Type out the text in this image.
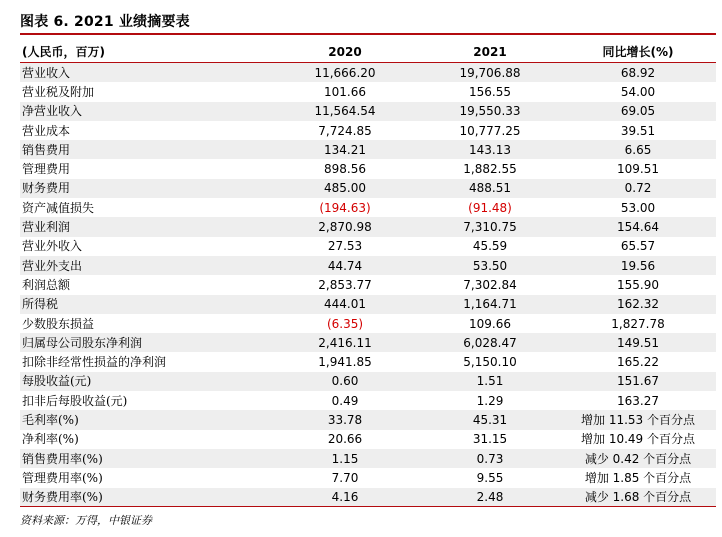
图表 6. 2021 业绩摘要表
(人民币，百万)	2020	2021	同比增长(%)
营业收入	11,666.20	19,706.88	68.92
营业税及附加	101.66	156.55	54.00
净营业收入	11,564.54	19,550.33	69.05
营业成本	7,724.85	10,777.25	39.51
销售费用	134.21	143.13	6.65
管理费用	898.56	1,882.55	109.51
财务费用	485.00	488.51	0.72
资产减值损失	(194.63)	(91.48)	53.00
营业利润	2,870.98	7,310.75	154.64
营业外收入	27.53	45.59	65.57
营业外支出	44.74	53.50	19.56
利润总额	2,853.77	7,302.84	155.90
所得税	444.01	1,164.71	162.32
少数股东损益	(6.35)	109.66	1,827.78
归属母公司股东净利润	2,416.11	6,028.47	149.51
扣除非经常性损益的净利润	1,941.85	5,150.10	165.22
每股收益(元)	0.60	1.51	151.67
扣非后每股收益(元)	0.49	1.29	163.27
毛利率(%)	33.78	45.31	增加 11.53 个百分点
净利率(%)	20.66	31.15	增加 10.49 个百分点
销售费用率(%)	1.15	0.73	减少 0.42 个百分点
管理费用率(%)	7.70	9.55	增加 1.85 个百分点
财务费用率(%)	4.16	2.48	减少 1.68 个百分点
资料来源：万得，中银证券
